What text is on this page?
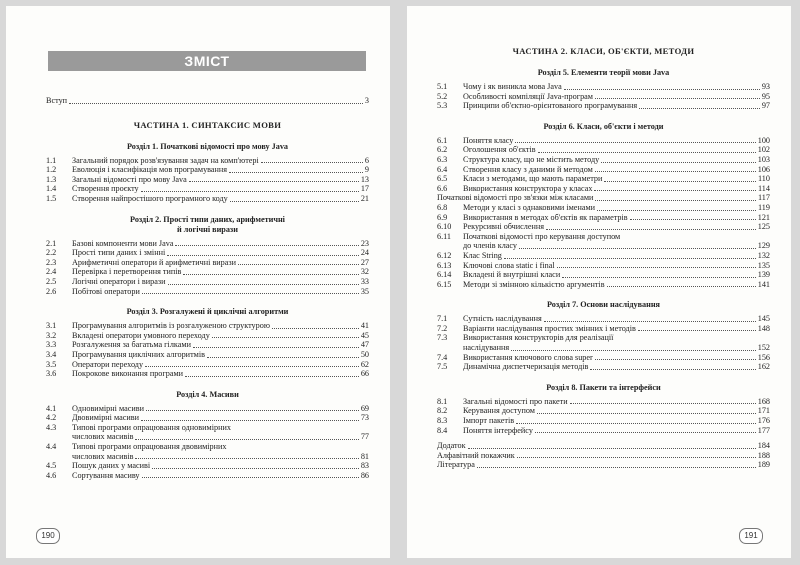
ЗМІСТ
Вступ	3
ЧАСТИНА 1. СИНТАКСИС МОВИ
Розділ 1. Початкові відомості про мову Java
1.1	Загальний порядок розв'язування задач на комп'ютері	6
1.2	Еволюція і класифікація мов програмування	9
1.3	Загальні відомості про мову Java	13
1.4	Створення проєкту	17
1.5	Створення найпростішого програмного коду	21
Розділ 2. Прості типи даних, арифметичні
й логічні вирази
2.1	Базові компоненти мови Java	23
2.2	Прості типи даних і змінні	24
2.3	Арифметичні оператори й арифметичні вирази	27
2.4	Перевірка і перетворення типів	32
2.5	Логічні оператори і вирази	33
2.6	Побітові оператори	35
Розділ 3. Розгалужені й циклічні алгоритми
3.1	Програмування алгоритмів із розгалуженою структурою	41
3.2	Вкладені оператори умовного переходу	45
3.3	Розгалуження за багатьма гілками	47
3.4	Програмування циклічних алгоритмів	50
3.5	Оператори переходу	62
3.6	Покрокове виконання програми	66
Розділ 4. Масиви
4.1	Одновимірні масиви	69
4.2	Двовимірні масиви	73
4.3	Типові програми опрацювання одновимірних
числових масивів	77
4.4	Типові програми опрацювання двовимірних
числових масивів	81
4.5	Пошук даних у масиві	83
4.6	Сортування масиву	86
190
ЧАСТИНА 2. КЛАСИ, ОБ'ЄКТИ, МЕТОДИ
Розділ 5. Елементи теорії мови Java
5.1	Чому і як виникла мова Java	93
5.2	Особливості компіляції Java-програм	95
5.3	Принципи об'єктно-орієнтованого програмування	97
Розділ 6. Класи, об'єкти і методи
6.1	Поняття класу	100
6.2	Оголошення об'єктів	102
6.3	Структура класу, що не містить методу	103
6.4	Створення класу з даними й методом	106
6.5	Класи з методами, що мають параметри	110
6.6	Використання конструктора у класах	114
Початкові відомості про зв'язки між класами	117
6.8	Методи у класі з однаковими іменами	119
6.9	Використання в методах об'єктів як параметрів	121
6.10	Рекурсивні обчислення	125
6.11	Початкові відомості про керування доступом
до членів класу	129
6.12	Клас String	132
6.13	Ключові слова static і final	135
6.14	Вкладені й внутрішні класи	139
6.15	Методи зі змінною кількістю аргументів	141
Розділ 7. Основи наслідування
7.1	Сутність наслідування	145
7.2	Варіанти наслідування простих змінних і методів	148
7.3	Використання конструкторів для реалізації
наслідування	152
7.4	Використання ключового слова super	156
7.5	Динамічна диспетчеризація методів	162
Розділ 8. Пакети та інтерфейси
8.1	Загальні відомості про пакети	168
8.2	Керування доступом	171
8.3	Імпорт пакетів	176
8.4	Поняття інтерфейсу	177
Додаток	184
Алфавітний покажчик	188
Література	189
191
